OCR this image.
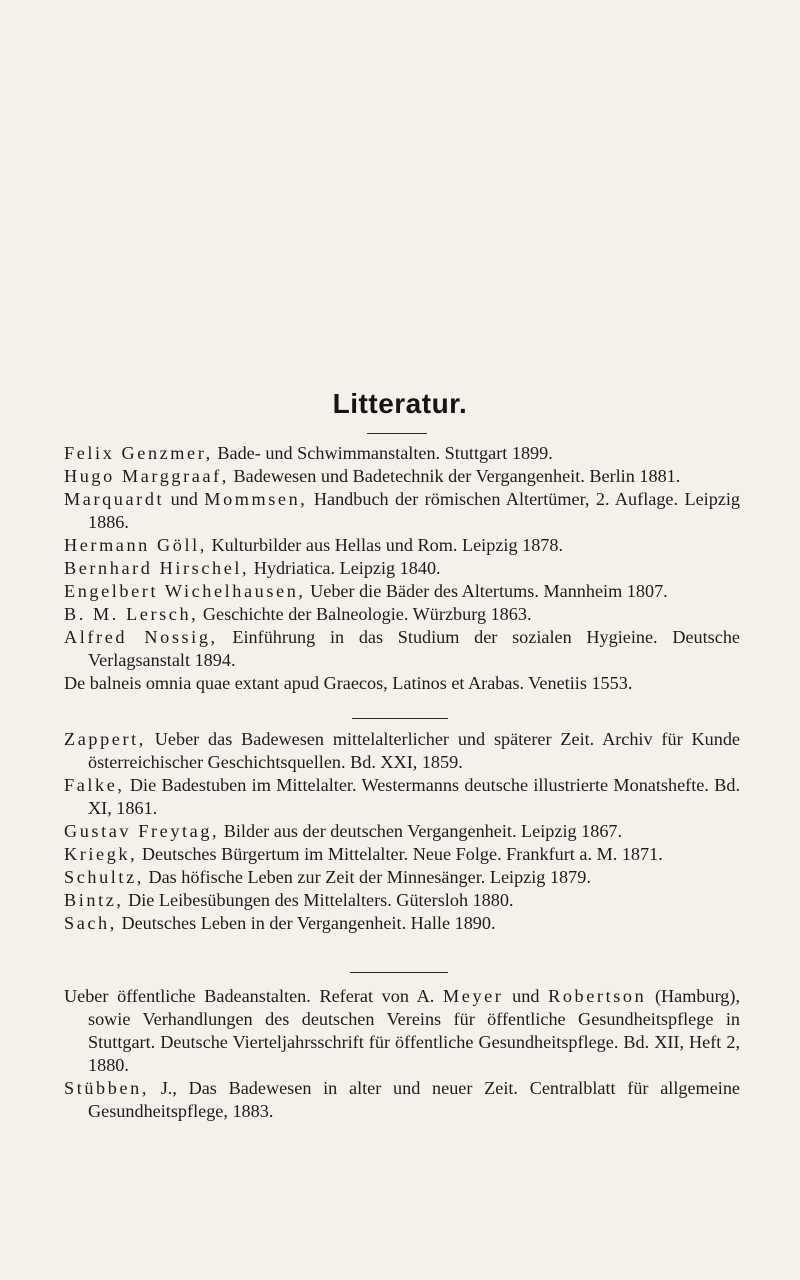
Litteratur.

Felix Genzmer, Bade- und Schwimmanstalten. Stuttgart 1899.

Hugo Marggraaf, Badewesen und Badetechnik der Vergangenheit. Berlin 1881.

Marquardt und Mommsen, Handbuch der römischen Altertümer, 2. Auflage. Leipzig 1886.

Hermann Göll, Kulturbilder aus Hellas und Rom. Leipzig 1878.

Bernhard Hirschel, Hydriatica. Leipzig 1840.

Engelbert Wichelhausen, Ueber die Bäder des Altertums. Mannheim 1807.

B. M. Lersch, Geschichte der Balneologie. Würzburg 1863.

Alfred Nossig, Einführung in das Studium der sozialen Hygieine. Deutsche Verlagsanstalt 1894.

De balneis omnia quae extant apud Graecos, Latinos et Arabas. Venetiis 1553.

Zappert, Ueber das Badewesen mittelalterlicher und späterer Zeit. Archiv für Kunde österreichischer Geschichtsquellen. Bd. XXI, 1859.

Falke, Die Badestuben im Mittelalter. Westermanns deutsche illustrierte Monatshefte. Bd. XI, 1861.

Gustav Freytag, Bilder aus der deutschen Vergangenheit. Leipzig 1867.

Kriegk, Deutsches Bürgertum im Mittelalter. Neue Folge. Frankfurt a. M. 1871.

Schultz, Das höfische Leben zur Zeit der Minnesänger. Leipzig 1879.

Bintz, Die Leibesübungen des Mittelalters. Gütersloh 1880.

Sach, Deutsches Leben in der Vergangenheit. Halle 1890.

Ueber öffentliche Badeanstalten. Referat von A. Meyer und Robertson (Hamburg), sowie Verhandlungen des deutschen Vereins für öffentliche Gesundheitspflege in Stuttgart. Deutsche Vierteljahrsschrift für öffentliche Gesundheitspflege. Bd. XII, Heft 2, 1880.

Stübben, J., Das Badewesen in alter und neuer Zeit. Centralblatt für allgemeine Gesundheitspflege, 1883.
